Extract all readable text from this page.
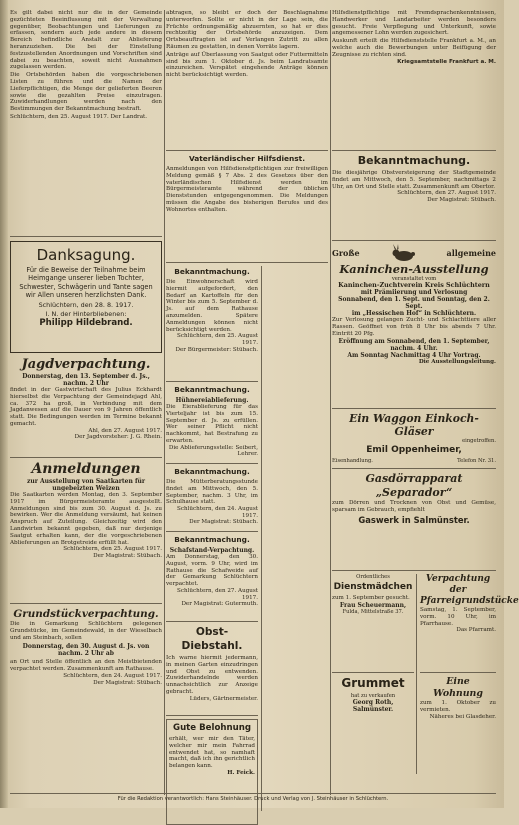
Es gilt dabei nicht nur die in der Gemeinde gezüchteten Beeinflussung mit der Verwaltung gegenüber, Beobachtungen und Lieferungen zu erfassen, sondern auch jede andere in diesem Bereich befindliche Anstalt zur Ablieferung heranzuziehen. Die bei der Einstellung festzustellenden Anordnungen und Vorschriften sind dabei zu beachten, soweit nicht Ausnahmen zugelassen werden.

Die Ortsbehörden haben die vorgeschriebenen Listen zu führen und die Namen der Lieferpflichtigen, die Menge der gelieferten Beeren sowie die gezahlten Preise einzutragen. Zuwiderhandlungen werden nach den Bestimmungen der Bekanntmachung bestraft.

Schlüchtern, den 25. August 1917. Der Landrat.

Danksagung.

Für die Beweise der Teilnahme beim Heimgange unserer lieben Tochter, Schwester, Schwägerin und Tante sagen wir Allen unseren herzlichsten Dank.

Schlüchtern, den 28. 8. 1917.
I. N. der Hinterbliebenen:
Philipp Hildebrand.
Jagdverpachtung.
Donnerstag, den 13. September d. Js., nachm. 2 Uhr

findet in der Gastwirtschaft des Julius Eckhardt hierselbst die Verpachtung der Gemeindejagd Ahl, ca. 372 ha groß, in Verbindung mit dem Jagdanwesen auf die Dauer von 9 Jahren öffentlich statt. Die Bedingungen werden im Termine bekannt gemacht.

Ahl, den 27. August 1917.
Der Jagdvorsteher: J. G. Rhein.
Anmeldungen
zur Ausstellung von Saatkarten für ungebeizten Weizen

Die Saatkarten werden Montag, den 3. September 1917 im Bürgermeisteramte ausgestellt. Anmeldungen sind bis zum 30. August d. Js. zu bewirken. Wer die Anmeldung versäumt, hat keinen Anspruch auf Zuteilung. Gleichzeitig wird den Landwirten bekannt gegeben, daß nur derjenige Saatgut erhalten kann, der die vorgeschriebenen Ablieferungen an Brotgetreide erfüllt hat.

Schlüchtern, den 25. August 1917.
Der Magistrat: Stübach.
Grundstückverpachtung.

Die in Gemarkung Schlüchtern gelegenen Grundstücke, im Gemeindewald, in der Wieselbach und am Steinbach, sollen

Donnerstag, den 30. August d. Js. von nachm. 2 Uhr ab

an Ort und Stelle öffentlich an den Meistbietenden verpachtet werden. Zusammenkunft am Rathause.

Schlüchtern, den 24. August 1917.
Der Magistrat: Stübach.

abtragen, so bleibt er doch der Beschlagnahme unterworfen. Sollte er nicht in der Lage sein, die Früchte ordnungsmäßig abzuernten, so hat er dies rechtzeitig der Ortsbehörde anzuzeigen. Dem Ortsbeauftragten ist auf Verlangen Zutritt zu allen Räumen zu gestatten, in denen Vorräte lagern.

Anträge auf Überlassung von Saatgut oder Futtermitteln sind bis zum 1. Oktober d. Js. beim Landratsamte einzureichen. Verspätet eingehende Anträge können nicht berücksichtigt werden.

Vaterländischer Hilfsdienst.

Anmeldungen von Hilfsdienstpflichtigen zur freiwilligen Meldung gemäß § 7 Abs. 2 des Gesetzes über den vaterländischen Hilfsdienst werden im Bürgermeisteramte während der üblichen Dienststunden entgegengenommen. Die Meldungen müssen die Angabe des bisherigen Berufes und des Wohnortes enthalten.

Bekanntmachung.

Die Einwohnerschaft wird hiermit aufgefordert, den Bedarf an Kartoffeln für den Winter bis zum 5. September d. Js. auf dem Rathause anzumelden. Spätere Anmeldungen können nicht berücksichtigt werden.

Schlüchtern, den 25. August 1917.
Der Bürgermeister: Stübach.
Bekanntmachung.
Hühnereiablieferung.

Die Eierablieferung für das Vierteljahr ist bis zum 15. September d. Js. zu erfüllen. Wer seiner Pflicht nicht nachkommt, hat Bestrafung zu erwarten.

Die Ablieferungsstelle: Seibert, Lehrer.
Bekanntmachung.

Die Mütterberatungsstunde findet am Mittwoch, den 5. September, nachm. 3 Uhr, im Schulhause statt.

Schlüchtern, den 24. August 1917.
Der Magistrat: Stübach.
Bekanntmachung.
Schafstand-Verpachtung.

Am Donnerstag, den 30. August, vorm. 9 Uhr, wird im Rathause die Schafweide auf der Gemarkung Schlüchtern verpachtet.

Schlüchtern, den 27. August 1917.
Der Magistrat: Gutermuth.
Obst-Diebstahl.

Ich warne hiermit jedermann, in meinen Garten einzudringen und Obst zu entwenden. Zuwiderhandelnde werden unnachsichtlich zur Anzeige gebracht.

Lüders, Gärtnermeister.
Gute Belohnung

erhält, wer mir den Täter, welcher mir mein Fahrrad entwendet hat, so namhaft macht, daß ich ihn gerichtlich belangen kann.

H. Feick.

Hilfsdienstpflichtige mit Fremdsprachenkenntnissen, Handwerker und Landarbeiter werden besonders gesucht. Freie Verpflegung und Unterkunft, sowie angemessener Lohn werden zugesichert.

Auskunft erteilt die Hilfsdienststelle Frankfurt a. M., an welche auch die Bewerbungen unter Beifügung der Zeugnisse zu richten sind.

Kriegsamtstelle Frankfurt a. M.
Bekanntmachung.

Die diesjährige Obstversteigerung der Stadtgemeinde findet am Mittwoch, den 5. September, nachmittags 2 Uhr, an Ort und Stelle statt. Zusammenkunft am Obertor.

Schlüchtern, den 27. August 1917.
Der Magistrat: Stübach.
Große	allgemeine
Kaninchen-Ausstellung
veranstaltet vom
Kaninchen-Zuchtverein Kreis Schlüchtern
mit Prämiierung und Verlosung
Sonnabend, den 1. Sept. und Sonntag, den 2. Sept.
im „Hessischen Hof“ in Schlüchtern.

Zur Verlosung gelangen Zucht- und Schlachttiere aller Rassen. Geöffnet von früh 8 Uhr bis abends 7 Uhr. Eintritt 20 Pfg.

Eröffnung am Sonnabend, den 1. September, nachm. 4 Uhr.
Am Sonntag Nachmittag 4 Uhr Vortrag.
Die Ausstellungsleitung.
Ein Waggon Einkoch-Gläser
eingetroffen.
Emil Oppenheimer,
Eisenhandlung.	Telefon Nr. 31.
Gasdörrapparat „Separador“

zum Dörren und Trocknen von Obst und Gemüse, sparsam im Gebrauch, empfiehlt

Gaswerk in Salmünster.
Ordentliches
Dienstmädchen

zum 1. September gesucht.

Frau Scheuermann,
Fulda, Mittelstraße 37.
Grummet
hat zu verkaufen
Georg Roth, Salmünster.
Verpachtung der Pfarreigrundstücke

Samstag, 1. September, vorm. 10 Uhr, im Pfarrhause.

Das Pfarramt.
Eine Wohnung

zum 1. Oktober zu vermieten.

Näheres bei Glasdeher.
Für die Redaktion verantwortlich: Hans Steinhäuser. Druck und Verlag von J. Steinhäuser in Schlüchtern.
